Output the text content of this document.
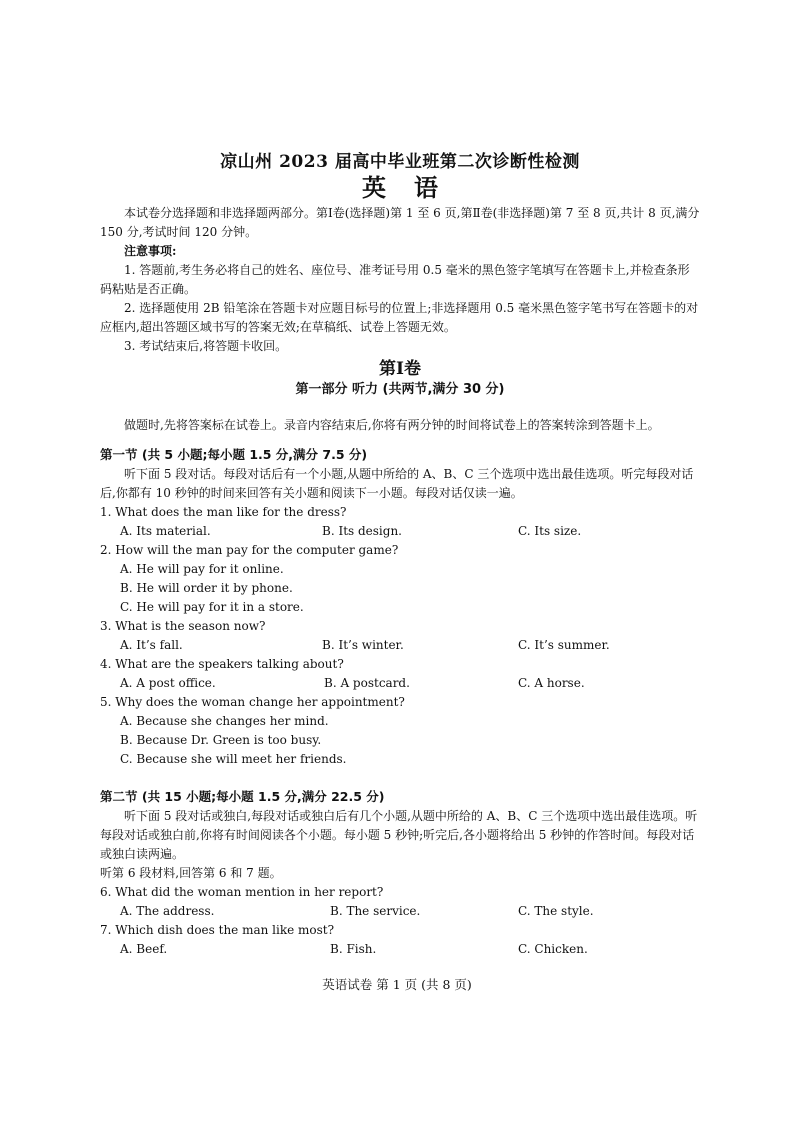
凉山州 2023 届高中毕业班第二次诊断性检测
英 语

本试卷分选择题和非选择题两部分。第Ⅰ卷(选择题)第 1 至 6 页,第Ⅱ卷(非选择题)第 7 至 8 页,共计 8 页,满分 150 分,考试时间 120 分钟。

注意事项:

1. 答题前,考生务必将自己的姓名、座位号、准考证号用 0.5 毫米的黑色签字笔填写在答题卡上,并检查条形码粘贴是否正确。

2. 选择题使用 2B 铅笔涂在答题卡对应题目标号的位置上;非选择题用 0.5 毫米黑色签字笔书写在答题卡的对应框内,超出答题区域书写的答案无效;在草稿纸、试卷上答题无效。

3. 考试结束后,将答题卡收回。

第Ⅰ卷
第一部分 听力 (共两节,满分 30 分)

做题时,先将答案标在试卷上。录音内容结束后,你将有两分钟的时间将试卷上的答案转涂到答题卡上。

第一节 (共 5 小题;每小题 1.5 分,满分 7.5 分)

听下面 5 段对话。每段对话后有一个小题,从题中所给的 A、B、C 三个选项中选出最佳选项。听完每段对话后,你都有 10 秒钟的时间来回答有关小题和阅读下一小题。每段对话仅读一遍。

1. What does the man like for the dress?
A. Its material.	B. Its design.	C. Its size.
2. How will the man pay for the computer game?
A. He will pay for it online.
B. He will order it by phone.
C. He will pay for it in a store.
3. What is the season now?
A. It’s fall.	B. It’s winter.	C. It’s summer.
4. What are the speakers talking about?
A. A post office.	B. A postcard.	C. A horse.
5. Why does the woman change her appointment?
A. Because she changes her mind.
B. Because Dr. Green is too busy.
C. Because she will meet her friends.
第二节 (共 15 小题;每小题 1.5 分,满分 22.5 分)

听下面 5 段对话或独白,每段对话或独白后有几个小题,从题中所给的 A、B、C 三个选项中选出最佳选项。听每段对话或独白前,你将有时间阅读各个小题。每小题 5 秒钟;听完后,各小题将给出 5 秒钟的作答时间。每段对话或独白读两遍。

听第 6 段材料,回答第 6 和 7 题。

6. What did the woman mention in her report?
A. The address.	B. The service.	C. The style.
7. Which dish does the man like most?
A. Beef.	B. Fish.	C. Chicken.
英语试卷 第 1 页 (共 8 页)
